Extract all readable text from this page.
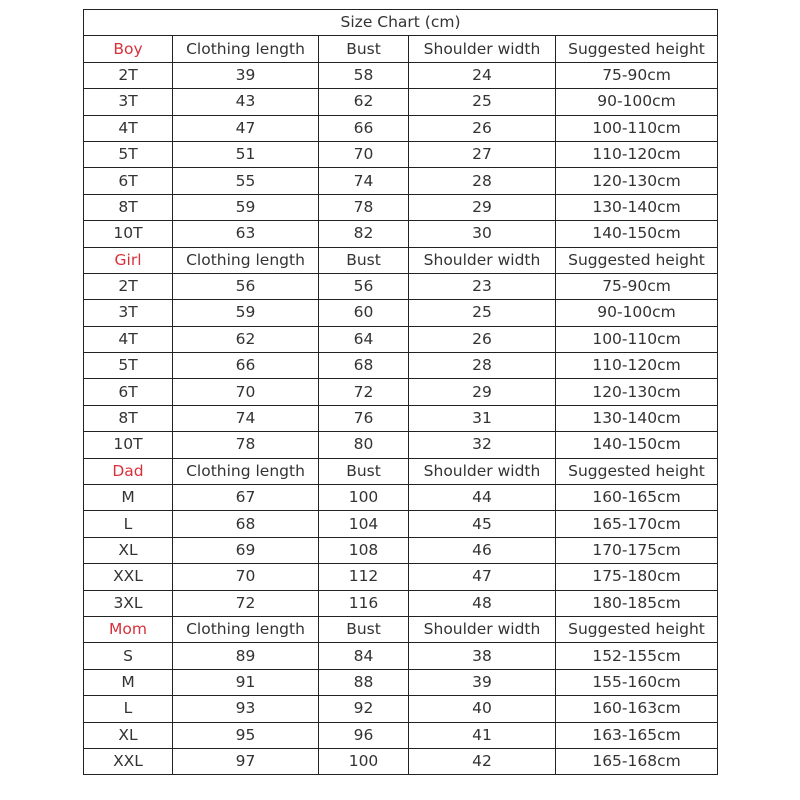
Size Chart (cm)				
Boy	Clothing length	Bust	Shoulder width	Suggested height
2T	39	58	24	75-90cm
3T	43	62	25	90-100cm
4T	47	66	26	100-110cm
5T	51	70	27	110-120cm
6T	55	74	28	120-130cm
8T	59	78	29	130-140cm
10T	63	82	30	140-150cm
Girl	Clothing length	Bust	Shoulder width	Suggested height
2T	56	56	23	75-90cm
3T	59	60	25	90-100cm
4T	62	64	26	100-110cm
5T	66	68	28	110-120cm
6T	70	72	29	120-130cm
8T	74	76	31	130-140cm
10T	78	80	32	140-150cm
Dad	Clothing length	Bust	Shoulder width	Suggested height
M	67	100	44	160-165cm
L	68	104	45	165-170cm
XL	69	108	46	170-175cm
XXL	70	112	47	175-180cm
3XL	72	116	48	180-185cm
Mom	Clothing length	Bust	Shoulder width	Suggested height
S	89	84	38	152-155cm
M	91	88	39	155-160cm
L	93	92	40	160-163cm
XL	95	96	41	163-165cm
XXL	97	100	42	165-168cm
